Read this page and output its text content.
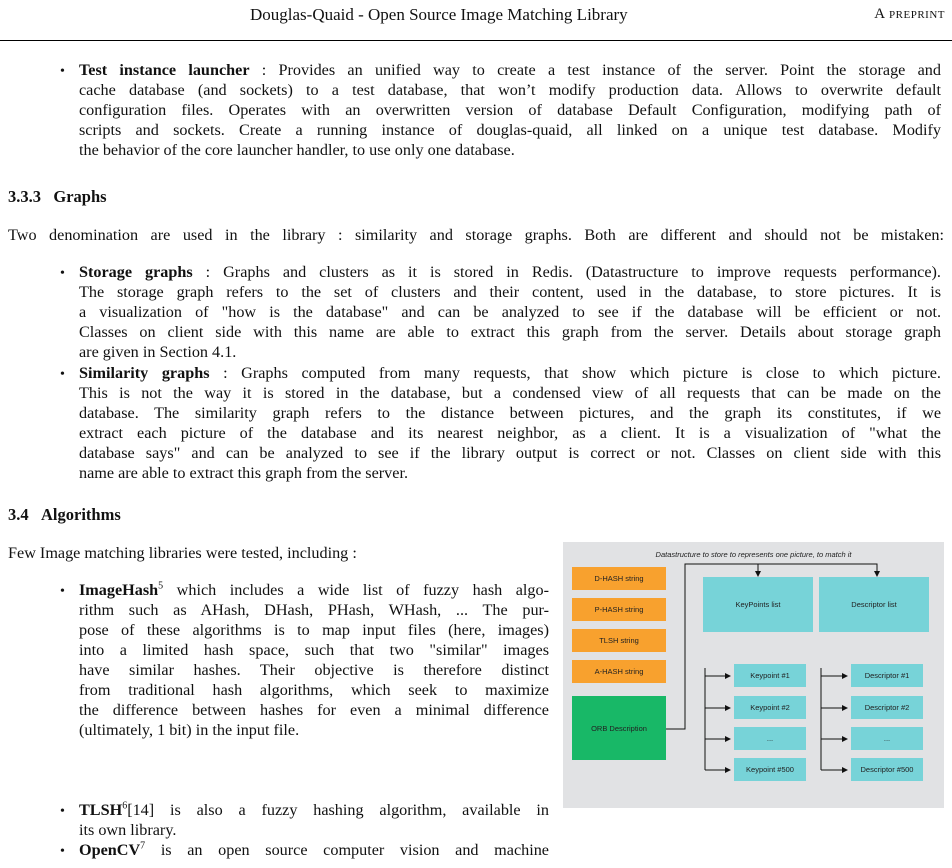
Douglas-Quaid - Open Source Image Matching Library	A preprint
• Test instance launcher : Provides an unified way to create a test instance of the server. Point the storage and
cache database (and sockets) to a test database, that won’t modify production data. Allows to overwrite default
configuration files. Operates with an overwritten version of database Default Configuration, modifying path of
scripts and sockets. Create a running instance of douglas-quaid, all linked on a unique test database. Modify
the behavior of the core launcher handler, to use only one database.
3.3.3 Graphs
Two denomination are used in the library : similarity and storage graphs. Both are different and should not be mistaken:
• Storage graphs : Graphs and clusters as it is stored in Redis. (Datastructure to improve requests performance).
The storage graph refers to the set of clusters and their content, used in the database, to store pictures. It is
a visualization of "how is the database" and can be analyzed to see if the database will be efficient or not.
Classes on client side with this name are able to extract this graph from the server. Details about storage graph
are given in Section 4.1.
• Similarity graphs : Graphs computed from many requests, that show which picture is close to which picture.
This is not the way it is stored in the database, but a condensed view of all requests that can be made on the
database. The similarity graph refers to the distance between pictures, and the graph its constitutes, if we
extract each picture of the database and its nearest neighbor, as a client. It is a visualization of "what the
database says" and can be analyzed to see if the library output is correct or not. Classes on client side with this
name are able to extract this graph from the server.
3.4 Algorithms
Few Image matching libraries were tested, including :
• ImageHash$^5$ which includes a wide list of fuzzy hash algo-
rithm such as AHash, DHash, PHash, WHash, ... The pur-
pose of these algorithms is to map input files (here, images)
into a limited hash space, such that two "similar" images
have similar hashes. Their objective is therefore distinct
from traditional hash algorithms, which seek to maximize
the difference between hashes for even a minimal difference
(ultimately, 1 bit) in the input file.
• TLSH$^6$[14] is also a fuzzy hashing algorithm, available in
its own library.
• OpenCV$^7$ is an open source computer vision and machine
Datastructure to store to represents one picture, to match it
D-HASH string
P-HASH string
TLSH string
A-HASH string
ORB Description
KeyPoints list	Descriptor list
Keypoint #1
Keypoint #2
...
Keypoint #500
Descriptor #1
Descriptor #2
...
Descriptor #500
